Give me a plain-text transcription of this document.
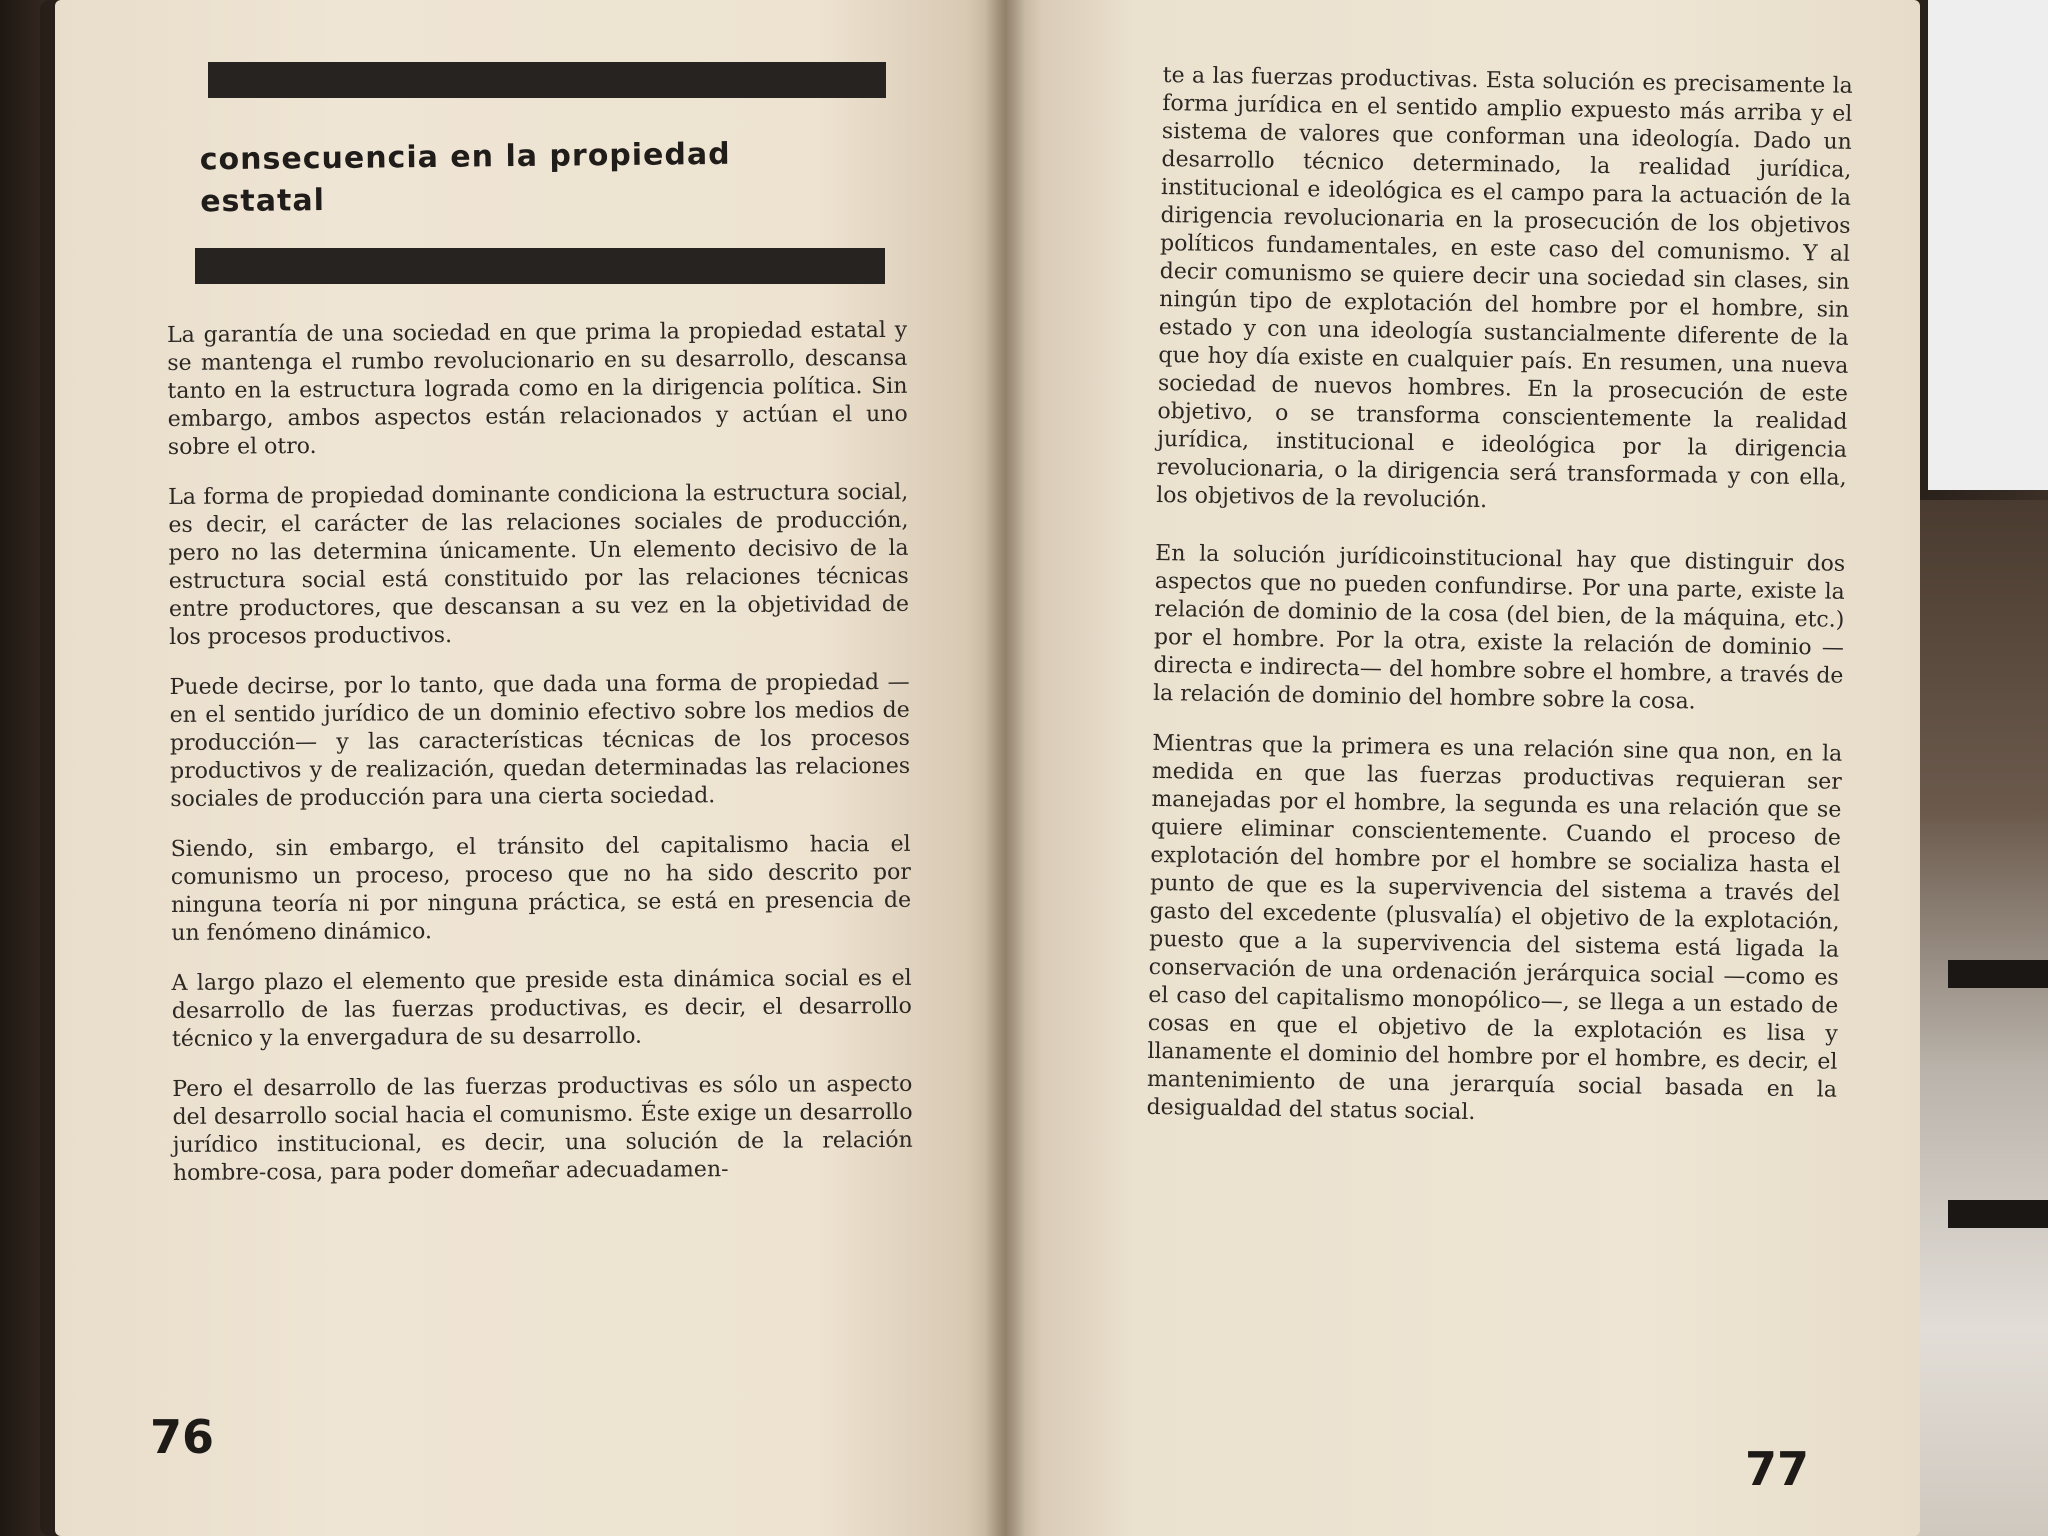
consecuencia en la propiedad estatal

La garantía de una sociedad en que prima la propiedad estatal y se mantenga el rumbo revolucionario en su desarrollo, descansa tanto en la estructura lograda como en la dirigencia política. Sin embargo, ambos aspectos están relacionados y actúan el uno sobre el otro.

La forma de propiedad dominante condiciona la estructura social, es decir, el carácter de las relaciones sociales de producción, pero no las determina únicamente. Un elemento decisivo de la estructura social está constituido por las relaciones técnicas entre productores, que descansan a su vez en la objetividad de los procesos productivos.

Puede decirse, por lo tanto, que dada una forma de propiedad —en el sentido jurídico de un dominio efectivo sobre los medios de producción— y las características técnicas de los procesos productivos y de realización, quedan determinadas las relaciones sociales de producción para una cierta sociedad.

Siendo, sin embargo, el tránsito del capitalismo hacia el comunismo un proceso, proceso que no ha sido descrito por ninguna teoría ni por ninguna práctica, se está en presencia de un fenómeno dinámico.

A largo plazo el elemento que preside esta dinámica social es el desarrollo de las fuerzas productivas, es decir, el desarrollo técnico y la envergadura de su desarrollo.

Pero el desarrollo de las fuerzas productivas es sólo un aspecto del desarrollo social hacia el comunismo. Éste exige un desarrollo jurídico institucional, es decir, una solución de la relación hombre-cosa, para poder domeñar adecuadamen-

76

te a las fuerzas productivas. Esta solución es precisamente la forma jurídica en el sentido amplio expuesto más arriba y el sistema de valores que conforman una ideología. Dado un desarrollo técnico determinado, la realidad jurídica, institucional e ideológica es el campo para la actuación de la dirigencia revolucionaria en la prosecución de los objetivos políticos fundamentales, en este caso del comunismo. Y al decir comunismo se quiere decir una sociedad sin clases, sin ningún tipo de explotación del hombre por el hombre, sin estado y con una ideología sustancialmente diferente de la que hoy día existe en cualquier país. En resumen, una nueva sociedad de nuevos hombres. En la prosecución de este objetivo, o se transforma conscientemente la realidad jurídica, institucional e ideológica por la dirigencia revolucionaria, o la dirigencia será transformada y con ella, los objetivos de la revolución.

En la solución jurídicoinstitucional hay que distinguir dos aspectos que no pueden confundirse. Por una parte, existe la relación de dominio de la cosa (del bien, de la máquina, etc.) por el hombre. Por la otra, existe la relación de dominio —directa e indirecta— del hombre sobre el hombre, a través de la relación de dominio del hombre sobre la cosa.

Mientras que la primera es una relación sine qua non, en la medida en que las fuerzas productivas requieran ser manejadas por el hombre, la segunda es una relación que se quiere eliminar conscientemente. Cuando el proceso de explotación del hombre por el hombre se socializa hasta el punto de que es la supervivencia del sistema a través del gasto del excedente (plusvalía) el objetivo de la explotación, puesto que a la supervivencia del sistema está ligada la conservación de una ordenación jerárquica social —como es el caso del capitalismo monopólico—, se llega a un estado de cosas en que el objetivo de la explotación es lisa y llanamente el dominio del hombre por el hombre, es decir, el mantenimiento de una jerarquía social basada en la desigualdad del status social.

77
